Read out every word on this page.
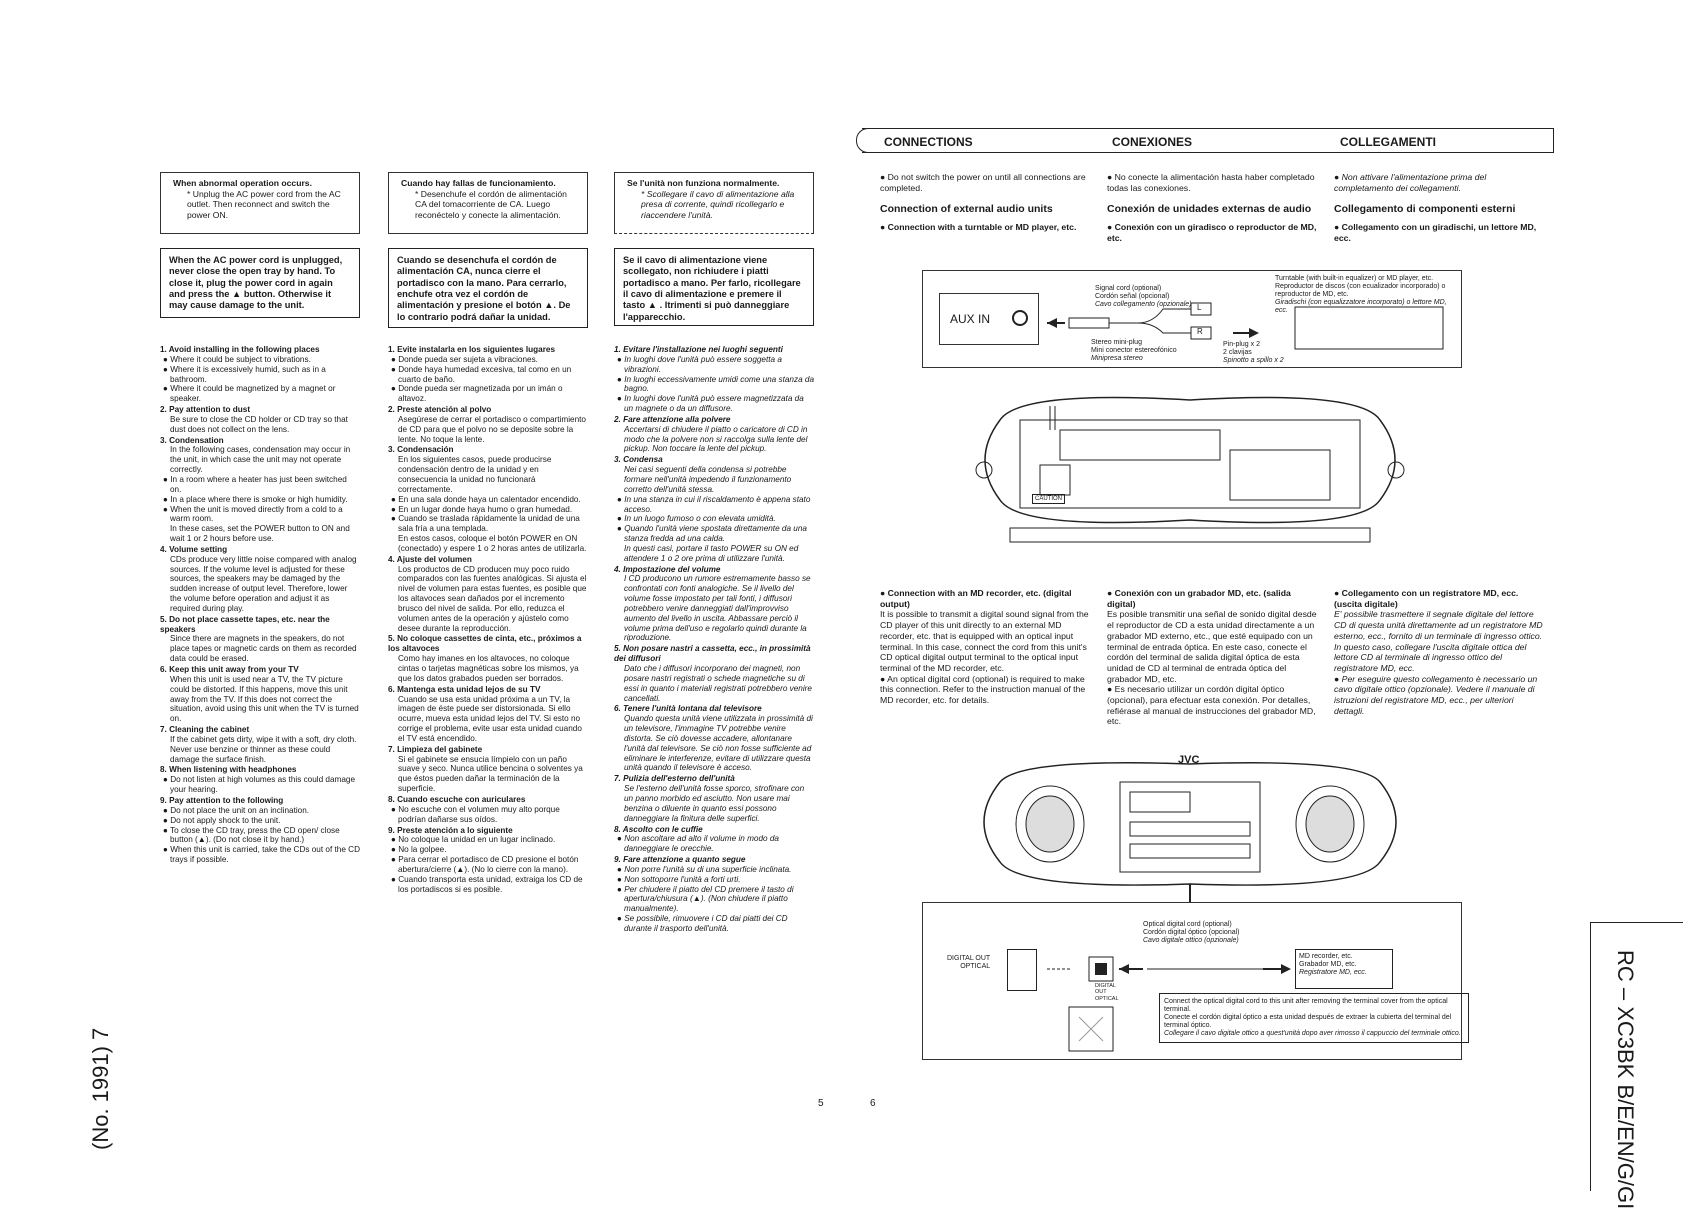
When abnormal operation occurs.
* Unplug the AC power cord from the AC outlet. Then reconnect and switch the power ON.
Cuando hay fallas de funcionamiento.
* Desenchufe el cordón de alimentación CA del tomacorriente de CA. Luego reconéctelo y conecte la alimentación.
Se l'unità non funziona normalmente.
* Scollegare il cavo di alimentazione alla presa di corrente, quindi ricollegarlo e riaccendere l'unità.
When the AC power cord is unplugged, never close the open tray by hand. To close it, plug the power cord in again and press the ▲ button. Otherwise it may cause damage to the unit.
Cuando se desenchufa el cordón de alimentación CA, nunca cierre el portadisco con la mano. Para cerrarlo, enchufe otra vez el cordón de alimentación y presione el botón ▲. De lo contrario podrá dañar la unidad.
Se il cavo di alimentazione viene scollegato, non richiudere i piatti portadisco a mano. Per farlo, ricollegare il cavo di alimentazione e premere il tasto ▲ . Itrimenti si può danneggiare l'apparecchio.
1. Avoid installing in the following places
● Where it could be subject to vibrations.
● Where it is excessively humid, such as in a bathroom.
● Where it could be magnetized by a magnet or speaker.
2. Pay attention to dust
Be sure to close the CD holder or CD tray so that dust does not collect on the lens.
3. Condensation
In the following cases, condensation may occur in the unit, in which case the unit may not operate correctly.
● In a room where a heater has just been switched on.
● In a place where there is smoke or high humidity.
● When the unit is moved directly from a cold to a warm room.
In these cases, set the POWER button to ON and wait 1 or 2 hours before use.
4. Volume setting
CDs produce very little noise compared with analog sources. If the volume level is adjusted for these sources, the speakers may be damaged by the sudden increase of output level. Therefore, lower the volume before operation and adjust it as required during play.
5. Do not place cassette tapes, etc. near the speakers
Since there are magnets in the speakers, do not place tapes or magnetic cards on them as recorded data could be erased.
6. Keep this unit away from your TV
When this unit is used near a TV, the TV picture could be distorted. If this happens, move this unit away from the TV. If this does not correct the situation, avoid using this unit when the TV is turned on.
7. Cleaning the cabinet
If the cabinet gets dirty, wipe it with a soft, dry cloth. Never use benzine or thinner as these could damage the surface finish.
8. When listening with headphones
● Do not listen at high volumes as this could damage your hearing.
9. Pay attention to the following
● Do not place the unit on an inclination.
● Do not apply shock to the unit.
● To close the CD tray, press the CD open/ close button (▲). (Do not close it by hand.)
● When this unit is carried, take the CDs out of the CD trays if possible.
1. Evite instalarla en los siguientes lugares
● Donde pueda ser sujeta a vibraciones.
● Donde haya humedad excesiva, tal como en un cuarto de baño.
● Donde pueda ser magnetizada por un imán o altavoz.
2. Preste atención al polvo
Asegúrese de cerrar el portadisco o compartimiento de CD para que el polvo no se deposite sobre la lente. No toque la lente.
3. Condensación
En los siguientes casos, puede producirse condensación dentro de la unidad y en consecuencia la unidad no funcionará correctamente.
● En una sala donde haya un calentador encendido.
● En un lugar donde haya humo o gran humedad.
● Cuando se traslada rápidamente la unidad de una sala fría a una templada.
En estos casos, coloque el botón POWER en ON (conectado) y espere 1 o 2 horas antes de utilizarla.
4. Ajuste del volumen
Los productos de CD producen muy poco ruido comparados con las fuentes analógicas. Si ajusta el nivel de volumen para estas fuentes, es posible que los altavoces sean dañados por el incremento brusco del nivel de salida. Por ello, reduzca el volumen antes de la operación y ajústelo como desee durante la reproducción.
5. No coloque cassettes de cinta, etc., próximos a los altavoces
Como hay imanes en los altavoces, no coloque cintas o tarjetas magnéticas sobre los mismos, ya que los datos grabados pueden ser borrados.
6. Mantenga esta unidad lejos de su TV
Cuando se usa esta unidad próxima a un TV, la imagen de éste puede ser distorsionada. Si ello ocurre, mueva esta unidad lejos del TV. Si esto no corrige el problema, evite usar esta unidad cuando el TV está encendido.
7. Limpieza del gabinete
Si el gabinete se ensucia límpielo con un paño suave y seco. Nunca utilice bencina o solventes ya que éstos pueden dañar la terminación de la superficie.
8. Cuando escuche con auriculares
● No escuche con el volumen muy alto porque podrían dañarse sus oídos.
9. Preste atención a lo siguiente
● No coloque la unidad en un lugar inclinado.
● No la golpee.
● Para cerrar el portadisco de CD presione el botón abertura/cierre (▲). (No lo cierre con la mano).
● Cuando transporta esta unidad, extraiga los CD de los portadiscos si es posible.
1. Evitare l'installazione nei luoghi seguenti
● In luoghi dove l'unità può essere soggetta a vibrazioni.
● In luoghi eccessivamente umidi come una stanza da bagno.
● In luoghi dove l'unità può essere magnetizzata da un magnete o da un diffusore.
2. Fare attenzione alla polvere
Accertarsi di chiudere il piatto o caricatore di CD in modo che la polvere non si raccolga sulla lente del pickup. Non toccare la lente del pickup.
3. Condensa
Nei casi seguenti della condensa si potrebbe formare nell'unità impedendo il funzionamento corretto dell'unità stessa.
● In una stanza in cui il riscaldamento è appena stato acceso.
● In un luogo fumoso o con elevata umidità.
● Quando l'unità viene spostata direttamente da una stanza fredda ad una calda.
In questi casi, portare il tasto POWER su ON ed attendere 1 o 2 ore prima di utilizzare l'unità.
4. Impostazione del volume
I CD producono un rumore estremamente basso se confrontati con fonti analogiche. Se il livello del volume fosse impostato per tali fonti, i diffusori potrebbero venire danneggiati dall'improvviso aumento del livello in uscita. Abbassare perciò il volume prima dell'uso e regolarlo quindi durante la riproduzione.
5. Non posare nastri a cassetta, ecc., in prossimità dei diffusori
Dato che i diffusori incorporano dei magneti, non posare nastri registrati o schede magnetiche su di essi in quanto i materiali registrati potrebbero venire cancellati.
6. Tenere l'unità lontana dal televisore
Quando questa unità viene utilizzata in prossimità di un televisore, l'immagine TV potrebbe venire distorta. Se ciò dovesse accadere, allontanare l'unità dal televisore. Se ciò non fosse sufficiente ad eliminare le interferenze, evitare di utilizzare questa unità quando il televisore è acceso.
7. Pulizia dell'esterno dell'unità
Se l'esterno dell'unità fosse sporco, strofinare con un panno morbido ed asciutto. Non usare mai benzina o diluente in quanto essi possono danneggiare la finitura delle superfici.
8. Ascolto con le cuffie
● Non ascoltare ad alto il volume in modo da danneggiare le orecchie.
9. Fare attenzione a quanto segue
● Non porre l'unità su di una superficie inclinata.
● Non sottoporre l'unità a forti urti.
● Per chiudere il piatto del CD premere il tasto di apertura/chiusura (▲). (Non chiudere il piatto manualmente).
● Se possibile, rimuovere i CD dai piatti dei CD durante il trasporto dell'unità.
5
(No. 1991) 7
CONNECTIONS	CONEXIONES	COLLEGAMENTI
● Do not switch the power on until all connections are completed.
Connection of external audio units
● Connection with a turntable or MD player, etc.
● No conecte la alimentación hasta haber completado todas las conexiones.
Conexión de unidades externas de audio
● Conexión con un giradisco o reproductor de MD, etc.
● Non attivare l'alimentazione prima del completamento dei collegamenti.
Collegamento di componenti esterni
● Collegamento con un giradischi, un lettore MD, ecc.
AUX IN
Signal cord (optional)
Cordón señal (opcional)
Cavo collegamento (opzionale)
Stereo mini-plug
Mini conector estereofónico
Minipresa stereo
Pin-plug x 2
2 clavijas
Spinotto a spillo x 2
Turntable (with built-in equalizer) or MD player, etc.
Reproductor de discos (con ecualizador incorporado) o reproductor de MD, etc.
Giradischi (con equalizzatore incorporato) o lettore MD, ecc.
L
R
CAUTION
● Connection with an MD recorder, etc. (digital output)
It is possible to transmit a digital sound signal from the CD player of this unit directly to an external MD recorder, etc. that is equipped with an optical input terminal. In this case, connect the cord from this unit's CD optical digital output terminal to the optical input terminal of the MD recorder, etc.
● An optical digital cord (optional) is required to make this connection. Refer to the instruction manual of the MD recorder, etc. for details.
● Conexión con un grabador MD, etc. (salida digital)
Es posible transmitir una señal de sonido digital desde el reproductor de CD a esta unidad directamente a un grabador MD externo, etc., que esté equipado con un terminal de entrada óptica. En este caso, conecte el cordón del terminal de salida digital óptica de esta unidad de CD al terminal de entrada óptica del grabador MD, etc.
● Es necesario utilizar un cordón digital óptico (opcional), para efectuar esta conexión. Por detalles, refiérase al manual de instrucciones del grabador MD, etc.
● Collegamento con un registratore MD, ecc. (uscita digitale)
E' possibile trasmettere il segnale digitale del lettore CD di questa unità direttamente ad un registratore MD esterno, ecc., fornito di un terminale di ingresso ottico. In questo caso, collegare l'uscita digitale ottica del lettore CD al terminale di ingresso ottico del registratore MD, ecc.
● Per eseguire questo collegamento è necessario un cavo digitale ottico (opzionale). Vedere il manuale di istruzioni del registratore MD, ecc., per ulteriori dettagli.
JVC
DIGITAL OUT
OPTICAL
Optical digital cord (optional)
Cordón digital óptico (opcional)
Cavo digitale ottico (opzionale)
DIGITAL
OUT
OPTICAL
MD recorder, etc.
Grabador MD, etc.
Registratore MD, ecc.
Connect the optical digital cord to this unit after removing the terminal cover from the optical terminal.
Conecte el cordón digital óptico a esta unidad después de extraer la cubierta del terminal del terminal óptico.
Collegare il cavo digitale ottico a quest'unità dopo aver rimosso il cappuccio del terminale ottico.
6	RC – XC3BK B/E/EN/G/GI
